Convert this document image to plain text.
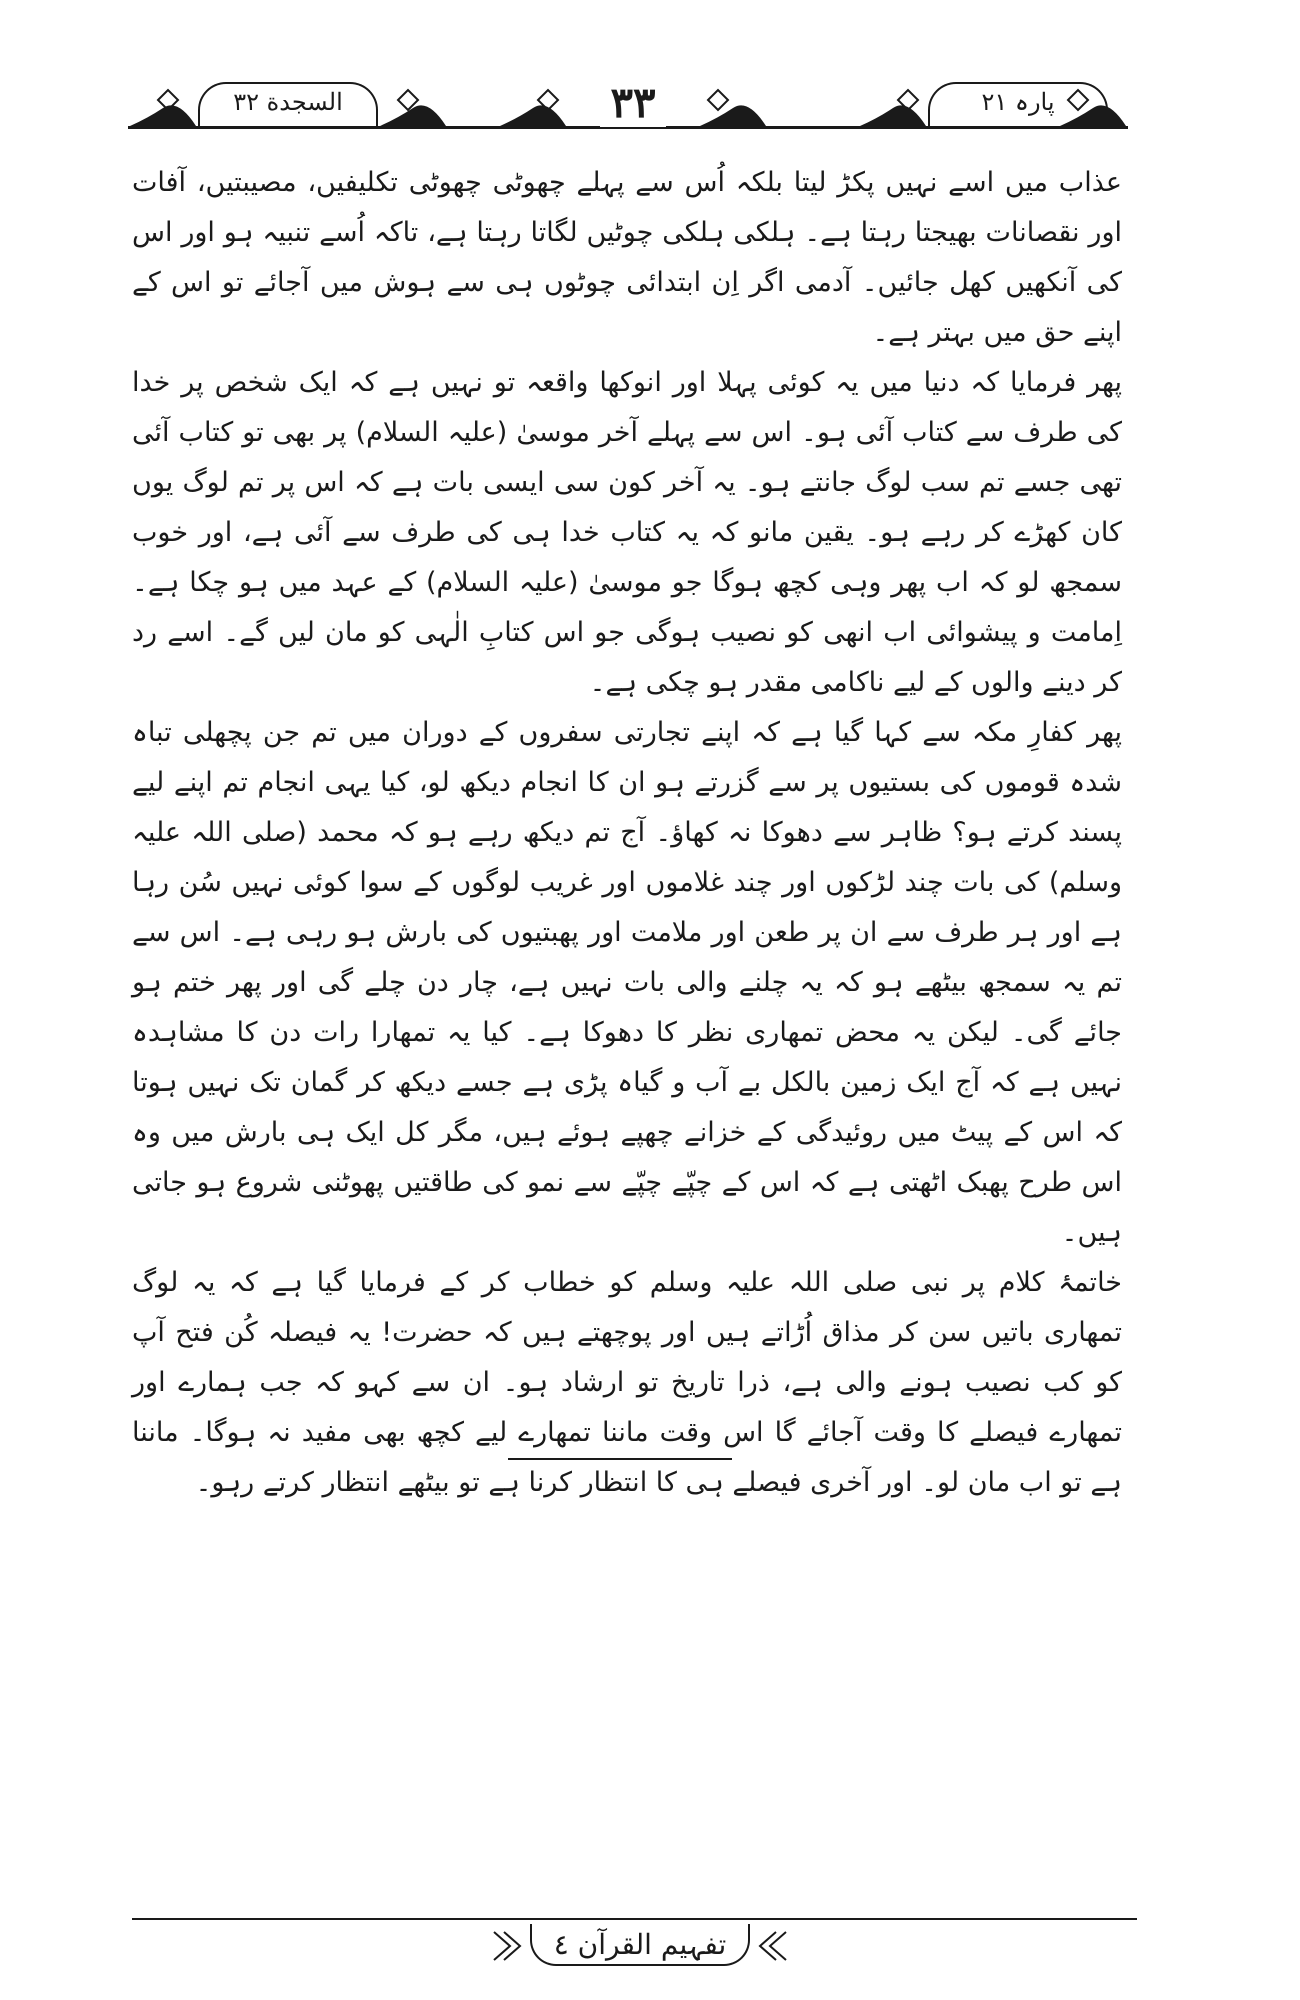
السجدة ٣٢	٣٣	پارہ ٢١

عذاب میں اسے نہیں پکڑ لیتا بلکہ اُس سے پہلے چھوٹی چھوٹی تکلیفیں، مصیبتیں، آفات اور نقصانات بھیجتا رہتا ہے۔ ہلکی ہلکی چوٹیں لگاتا رہتا ہے، تاکہ اُسے تنبیہ ہو اور اس کی آنکھیں کھل جائیں۔ آدمی اگر اِن ابتدائی چوٹوں ہی سے ہوش میں آجائے تو اس کے اپنے حق میں بہتر ہے۔

پھر فرمایا کہ دنیا میں یہ کوئی پہلا اور انوکھا واقعہ تو نہیں ہے کہ ایک شخص پر خدا کی طرف سے کتاب آئی ہو۔ اس سے پہلے آخر موسیٰ (علیہ السلام) پر بھی تو کتاب آئی تھی جسے تم سب لوگ جانتے ہو۔ یہ آخر کون سی ایسی بات ہے کہ اس پر تم لوگ یوں کان کھڑے کر رہے ہو۔ یقین مانو کہ یہ کتاب خدا ہی کی طرف سے آئی ہے، اور خوب سمجھ لو کہ اب پھر وہی کچھ ہوگا جو موسیٰ (علیہ السلام) کے عہد میں ہو چکا ہے۔ اِمامت و پیشوائی اب انھی کو نصیب ہوگی جو اس کتابِ الٰہی کو مان لیں گے۔ اسے رد کر دینے والوں کے لیے ناکامی مقدر ہو چکی ہے۔

پھر کفارِ مکہ سے کہا گیا ہے کہ اپنے تجارتی سفروں کے دوران میں تم جن پچھلی تباہ شدہ قوموں کی بستیوں پر سے گزرتے ہو ان کا انجام دیکھ لو، کیا یہی انجام تم اپنے لیے پسند کرتے ہو؟ ظاہر سے دھوکا نہ کھاؤ۔ آج تم دیکھ رہے ہو کہ محمد (صلی اللہ علیہ وسلم) کی بات چند لڑکوں اور چند غلاموں اور غریب لوگوں کے سوا کوئی نہیں سُن رہا ہے اور ہر طرف سے ان پر طعن اور ملامت اور پھبتیوں کی بارش ہو رہی ہے۔ اس سے تم یہ سمجھ بیٹھے ہو کہ یہ چلنے والی بات نہیں ہے، چار دن چلے گی اور پھر ختم ہو جائے گی۔ لیکن یہ محض تمھاری نظر کا دھوکا ہے۔ کیا یہ تمھارا رات دن کا مشاہدہ نہیں ہے کہ آج ایک زمین بالکل بے آب و گیاہ پڑی ہے جسے دیکھ کر گمان تک نہیں ہوتا کہ اس کے پیٹ میں روئیدگی کے خزانے چھپے ہوئے ہیں، مگر کل ایک ہی بارش میں وہ اس طرح پھبک اٹھتی ہے کہ اس کے چپّے چپّے سے نمو کی طاقتیں پھوٹنی شروع ہو جاتی ہیں۔

خاتمۂ کلام پر نبی صلی اللہ علیہ وسلم کو خطاب کر کے فرمایا گیا ہے کہ یہ لوگ تمھاری باتیں سن کر مذاق اُڑاتے ہیں اور پوچھتے ہیں کہ حضرت! یہ فیصلہ کُن فتح آپ کو کب نصیب ہونے والی ہے، ذرا تاریخ تو ارشاد ہو۔ ان سے کہو کہ جب ہمارے اور تمھارے فیصلے کا وقت آجائے گا اس وقت ماننا تمھارے لیے کچھ بھی مفید نہ ہوگا۔ ماننا ہے تو اب مان لو۔ اور آخری فیصلے ہی کا انتظار کرنا ہے تو بیٹھے انتظار کرتے رہو۔

تفہیم القرآن ٤
